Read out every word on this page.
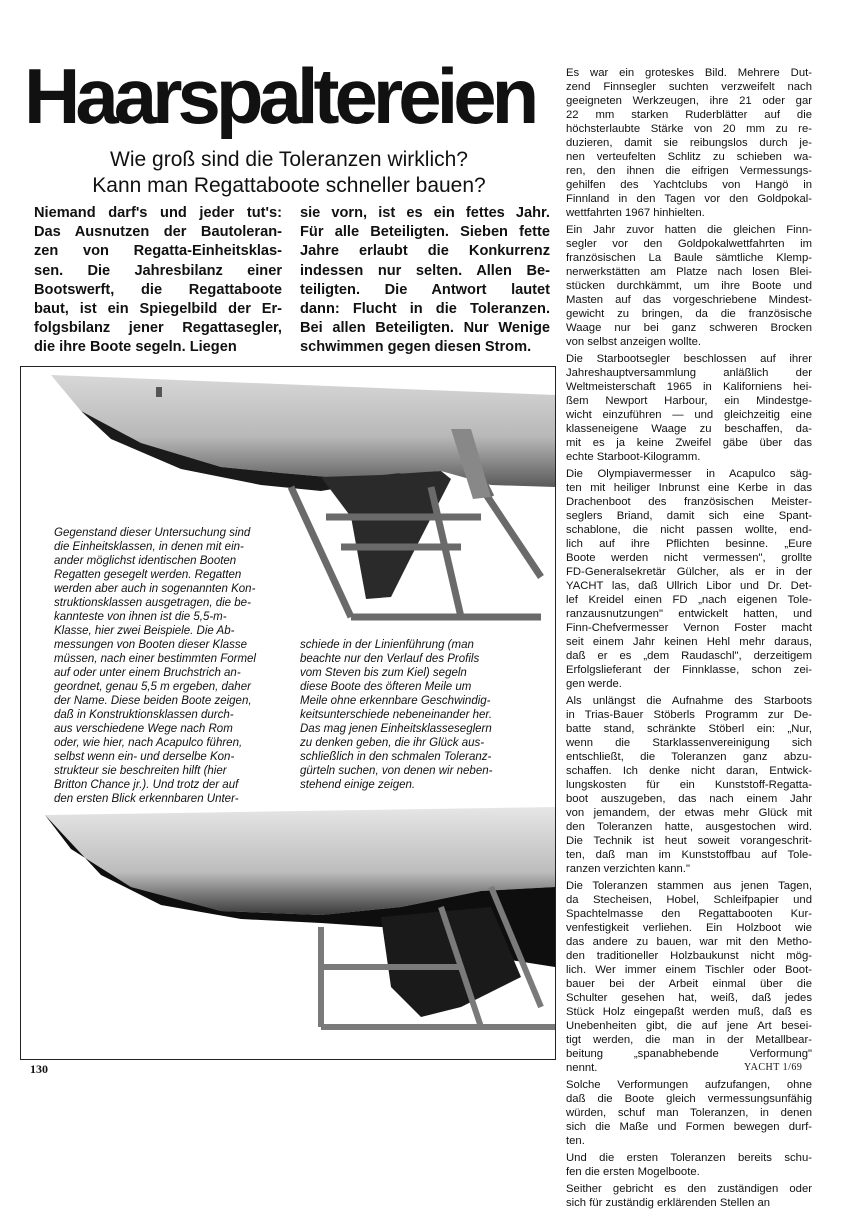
Haarspaltereien
Wie groß sind die Toleranzen wirklich?
Kann man Regattaboote schneller bauen?
Niemand darf's und jeder tut's:
Das Ausnutzen der Bautoleran-
zen von Regatta-Einheitsklas-
sen. Die Jahresbilanz einer
Bootswerft, die Regattaboote
baut, ist ein Spiegelbild der Er-
folgsbilanz jener Regattasegler,
die ihre Boote segeln. Liegen
sie vorn, ist es ein fettes Jahr.
Für alle Beteiligten. Sieben fette
Jahre erlaubt die Konkurrenz
indessen nur selten. Allen Be-
teiligten. Die Antwort lautet
dann: Flucht in die Toleranzen.
Bei allen Beteiligten. Nur Wenige
schwimmen gegen diesen Strom.
Es war ein groteskes Bild. Mehrere Dut-
zend Finnsegler suchten verzweifelt nach
geeigneten Werkzeugen, ihre 21 oder gar
22 mm starken Ruderblätter auf die
höchsterlaubte Stärke von 20 mm zu re-
duzieren, damit sie reibungslos durch je-
nen verteufelten Schlitz zu schieben wa-
ren, den ihnen die eifrigen Vermessungs-
gehilfen des Yachtclubs von Hangö in
Finnland in den Tagen vor den Goldpokal-
wettfahrten 1967 hinhielten.
Ein Jahr zuvor hatten die gleichen Finn-
segler vor den Goldpokalwettfahrten im
französischen La Baule sämtliche Klemp-
nerwerkstätten am Platze nach losen Blei-
stücken durchkämmt, um ihre Boote und
Masten auf das vorgeschriebene Mindest-
gewicht zu bringen, da die französische
Waage nur bei ganz schweren Brocken
von selbst anzeigen wollte.
Die Starbootsegler beschlossen auf ihrer
Jahreshauptversammlung anläßlich der
Weltmeisterschaft 1965 in Kaliforniens hei-
ßem Newport Harbour, ein Mindestge-
wicht einzuführen — und gleichzeitig eine
klasseneigene Waage zu beschaffen, da-
mit es ja keine Zweifel gäbe über das
echte Starboot-Kilogramm.
Die Olympiavermesser in Acapulco säg-
ten mit heiliger Inbrunst eine Kerbe in das
Drachenboot des französischen Meister-
seglers Briand, damit sich eine Spant-
schablone, die nicht passen wollte, end-
lich auf ihre Pflichten besinne. „Eure
Boote werden nicht vermessen", grollte
FD-Generalsekretär Gülcher, als er in der
YACHT las, daß Ullrich Libor und Dr. Det-
lef Kreidel einen FD „nach eigenen Tole-
ranzausnutzungen" entwickelt hatten, und
Finn-Chefvermesser Vernon Foster macht
seit einem Jahr keinen Hehl mehr daraus,
daß er es „dem Raudaschl", derzeitigem
Erfolgslieferant der Finnklasse, schon zei-
gen werde.
Als unlängst die Aufnahme des Starboots
in Trias-Bauer Stöberls Programm zur De-
batte stand, schränkte Stöberl ein: „Nur,
wenn die Starklassenvereinigung sich
entschließt, die Toleranzen ganz abzu-
schaffen. Ich denke nicht daran, Entwick-
lungskosten für ein Kunststoff-Regatta-
boot auszugeben, das nach einem Jahr
von jemandem, der etwas mehr Glück mit
den Toleranzen hatte, ausgestochen wird.
Die Technik ist heut soweit vorangeschrit-
ten, daß man im Kunststoffbau auf Tole-
ranzen verzichten kann."
Die Toleranzen stammen aus jenen Tagen,
da Stecheisen, Hobel, Schleifpapier und
Spachtelmasse den Regattabooten Kur-
venfestigkeit verliehen. Ein Holzboot wie
das andere zu bauen, war mit den Metho-
den traditioneller Holzbaukunst nicht mög-
lich. Wer immer einem Tischler oder Boot-
bauer bei der Arbeit einmal über die
Schulter gesehen hat, weiß, daß jedes
Stück Holz eingepaßt werden muß, daß es
Unebenheiten gibt, die auf jene Art beseі-
tigt werden, die man in der Metallbear-
beitung „spanabhebende Verformung"
nennt.
Solche Verformungen aufzufangen, ohne
daß die Boote gleich vermessungsunfähig
würden, schuf man Toleranzen, in denen
sich die Maße und Formen bewegen durf-
ten.
Und die ersten Toleranzen bereits schu-
fen die ersten Mogelboote.
Seither gebricht es den zuständigen oder
sich für zuständig erklärenden Stellen an
Gegenstand dieser Untersuchung sind
die Einheitsklassen, in denen mit ein-
ander möglichst identischen Booten
Regatten gesegelt werden. Regatten
werden aber auch in sogenannten Kon-
struktionsklassen ausgetragen, die be-
kannteste von ihnen ist die 5,5-m-
Klasse, hier zwei Beispiele. Die Ab-
messungen von Booten dieser Klasse
müssen, nach einer bestimmten Formel
auf oder unter einem Bruchstrich an-
geordnet, genau 5,5 m ergeben, daher
der Name. Diese beiden Boote zeigen,
daß in Konstruktionsklassen durch-
aus verschiedene Wege nach Rom
oder, wie hier, nach Acapulco führen,
selbst wenn ein- und derselbe Kon-
strukteur sie beschreiten hilft (hier
Britton Chance jr.). Und trotz der auf
den ersten Blick erkennbaren Unter-
schiede in der Linienführung (man
beachte nur den Verlauf des Profils
vom Steven bis zum Kiel) segeln
diese Boote des öfteren Meile um
Meile ohne erkennbare Geschwindig-
keitsunterschiede nebeneinander her.
Das mag jenen Einheitsklasseseglern
zu denken geben, die ihr Glück aus-
schließlich in den schmalen Toleranz-
gürteln suchen, von denen wir neben-
stehend einige zeigen.
130	YACHT 1/69
